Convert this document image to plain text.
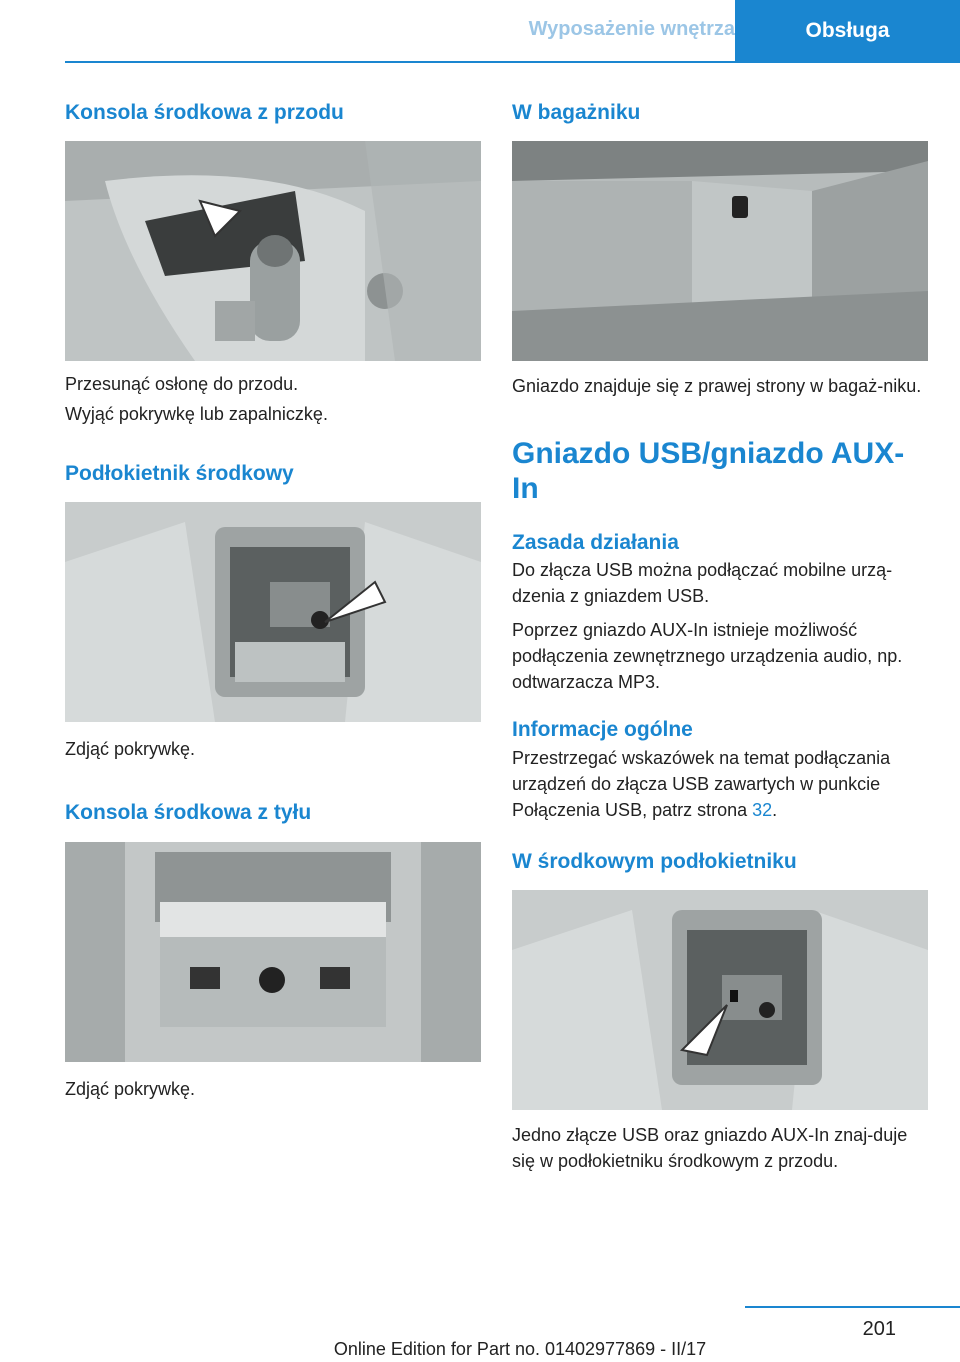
Wyposażenie wnętrza	Obsługa
Konsola środkowa z przodu

Przesunąć osłonę do przodu.

Wyjąć pokrywkę lub zapalniczkę.

Podłokietnik środkowy

Zdjąć pokrywkę.

Konsola środkowa z tyłu

Zdjąć pokrywkę.

W bagażniku

Gniazdo znajduje się z prawej strony w bagaż-niku.

Gniazdo USB/gniazdo AUX-In
Zasada działania

Do złącza USB można podłączać mobilne urzą-dzenia z gniazdem USB.

Poprzez gniazdo AUX-In istnieje możliwość podłączenia zewnętrznego urządzenia audio, np. odtwarzacza MP3.

Informacje ogólne

Przestrzegać wskazówek na temat podłączania urządzeń do złącza USB zawartych w punkcie Połączenia USB, patrz strona 32.

W środkowym podłokietniku

Jedno złącze USB oraz gniazdo AUX-In znaj-duje się w podłokietniku środkowym z przodu.

201
Online Edition for Part no. 01402977869 - II/17
